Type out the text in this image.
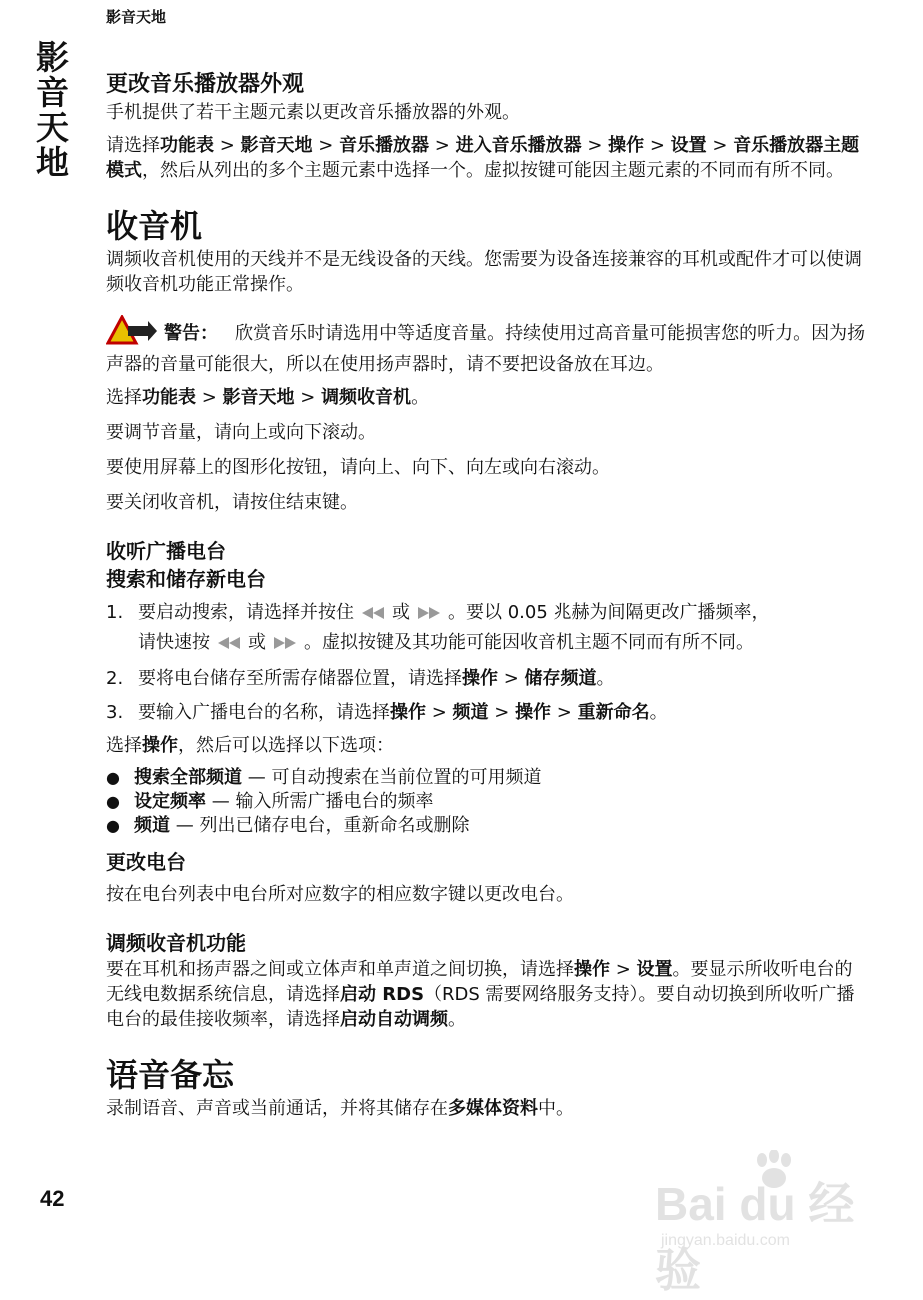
影音天地
影音天地 更改音乐播放器外观

手机提供了若干主题元素以更改音乐播放器的外观。

请选择功能表 > 影音天地 > 音乐播放器 > 进入音乐播放器 > 操作 > 设置 > 音乐播放器主题模式，然后从列出的多个主题元素中选择一个。虚拟按键可能因主题元素的不同而有所不同。

收音机

调频收音机使用的天线并不是无线设备的天线。您需要为设备连接兼容的耳机或配件才可以使调频收音机功能正常操作。

警告： 欣赏音乐时请选用中等适度音量。持续使用过高音量可能损害您的听力。因为扬声器的音量可能很大，所以在使用扬声器时，请不要把设备放在耳边。

选择功能表 > 影音天地 > 调频收音机。

要调节音量，请向上或向下滚动。

要使用屏幕上的图形化按钮，请向上、向下、向左或向右滚动。

要关闭收音机，请按住结束键。

收听广播电台
搜索和储存新电台
1. 要启动搜索，请选择并按住 或 。要以 0.05 兆赫为间隔更改广播频率，
请快速按 或 。虚拟按键及其功能可能因收音机主题不同而有所不同。
2. 要将电台储存至所需存储器位置，请选择操作 > 储存频道。
3. 要输入广播电台的名称，请选择操作 > 频道 > 操作 > 重新命名。

选择操作，然后可以选择以下选项：

● 搜索全部频道 — 可自动搜索在当前位置的可用频道
● 设定频率 — 输入所需广播电台的频率
● 频道 — 列出已储存电台，重新命名或删除
更改电台

按在电台列表中电台所对应数字的相应数字键以更改电台。

调频收音机功能

要在耳机和扬声器之间或立体声和单声道之间切换，请选择操作 > 设置。要显示所收听电台的无线电数据系统信息，请选择启动 RDS（RDS 需要网络服务支持）。要自动切换到所收听广播电台的最佳接收频率，请选择启动自动调频。

语音备忘

录制语音、声音或当前通话，并将其储存在多媒体资料中。

42	Bai du 经验
jingyan.baidu.com
